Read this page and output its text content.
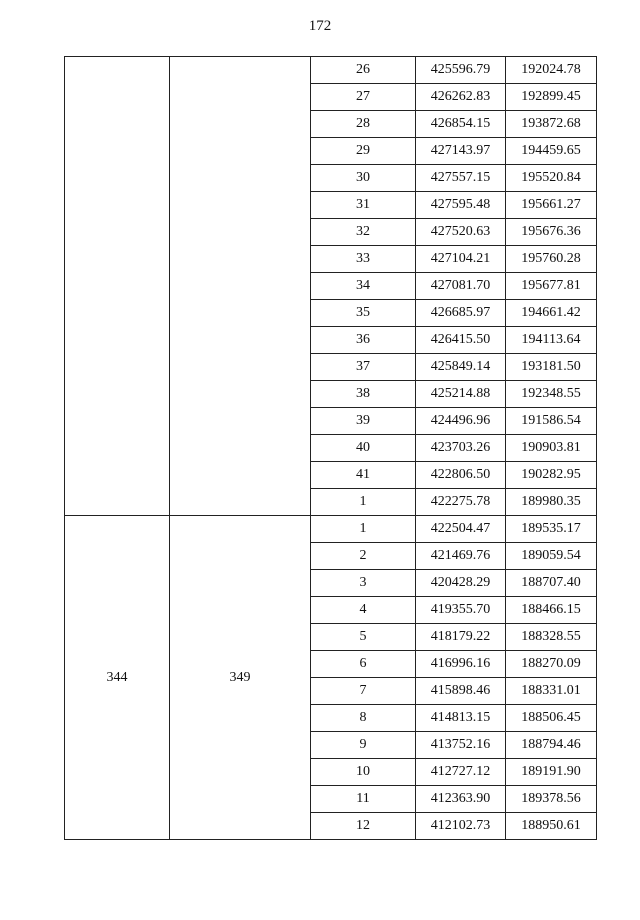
172
		26	425596.79	192024.78
		27	426262.83	192899.45
		28	426854.15	193872.68
		29	427143.97	194459.65
		30	427557.15	195520.84
		31	427595.48	195661.27
		32	427520.63	195676.36
		33	427104.21	195760.28
		34	427081.70	195677.81
		35	426685.97	194661.42
		36	426415.50	194113.64
		37	425849.14	193181.50
		38	425214.88	192348.55
		39	424496.96	191586.54
		40	423703.26	190903.81
		41	422806.50	190282.95
		1	422275.78	189980.35
344	349	1	422504.47	189535.17
		2	421469.76	189059.54
		3	420428.29	188707.40
		4	419355.70	188466.15
		5	418179.22	188328.55
		6	416996.16	188270.09
		7	415898.46	188331.01
		8	414813.15	188506.45
		9	413752.16	188794.46
		10	412727.12	189191.90
		11	412363.90	189378.56
		12	412102.73	188950.61
